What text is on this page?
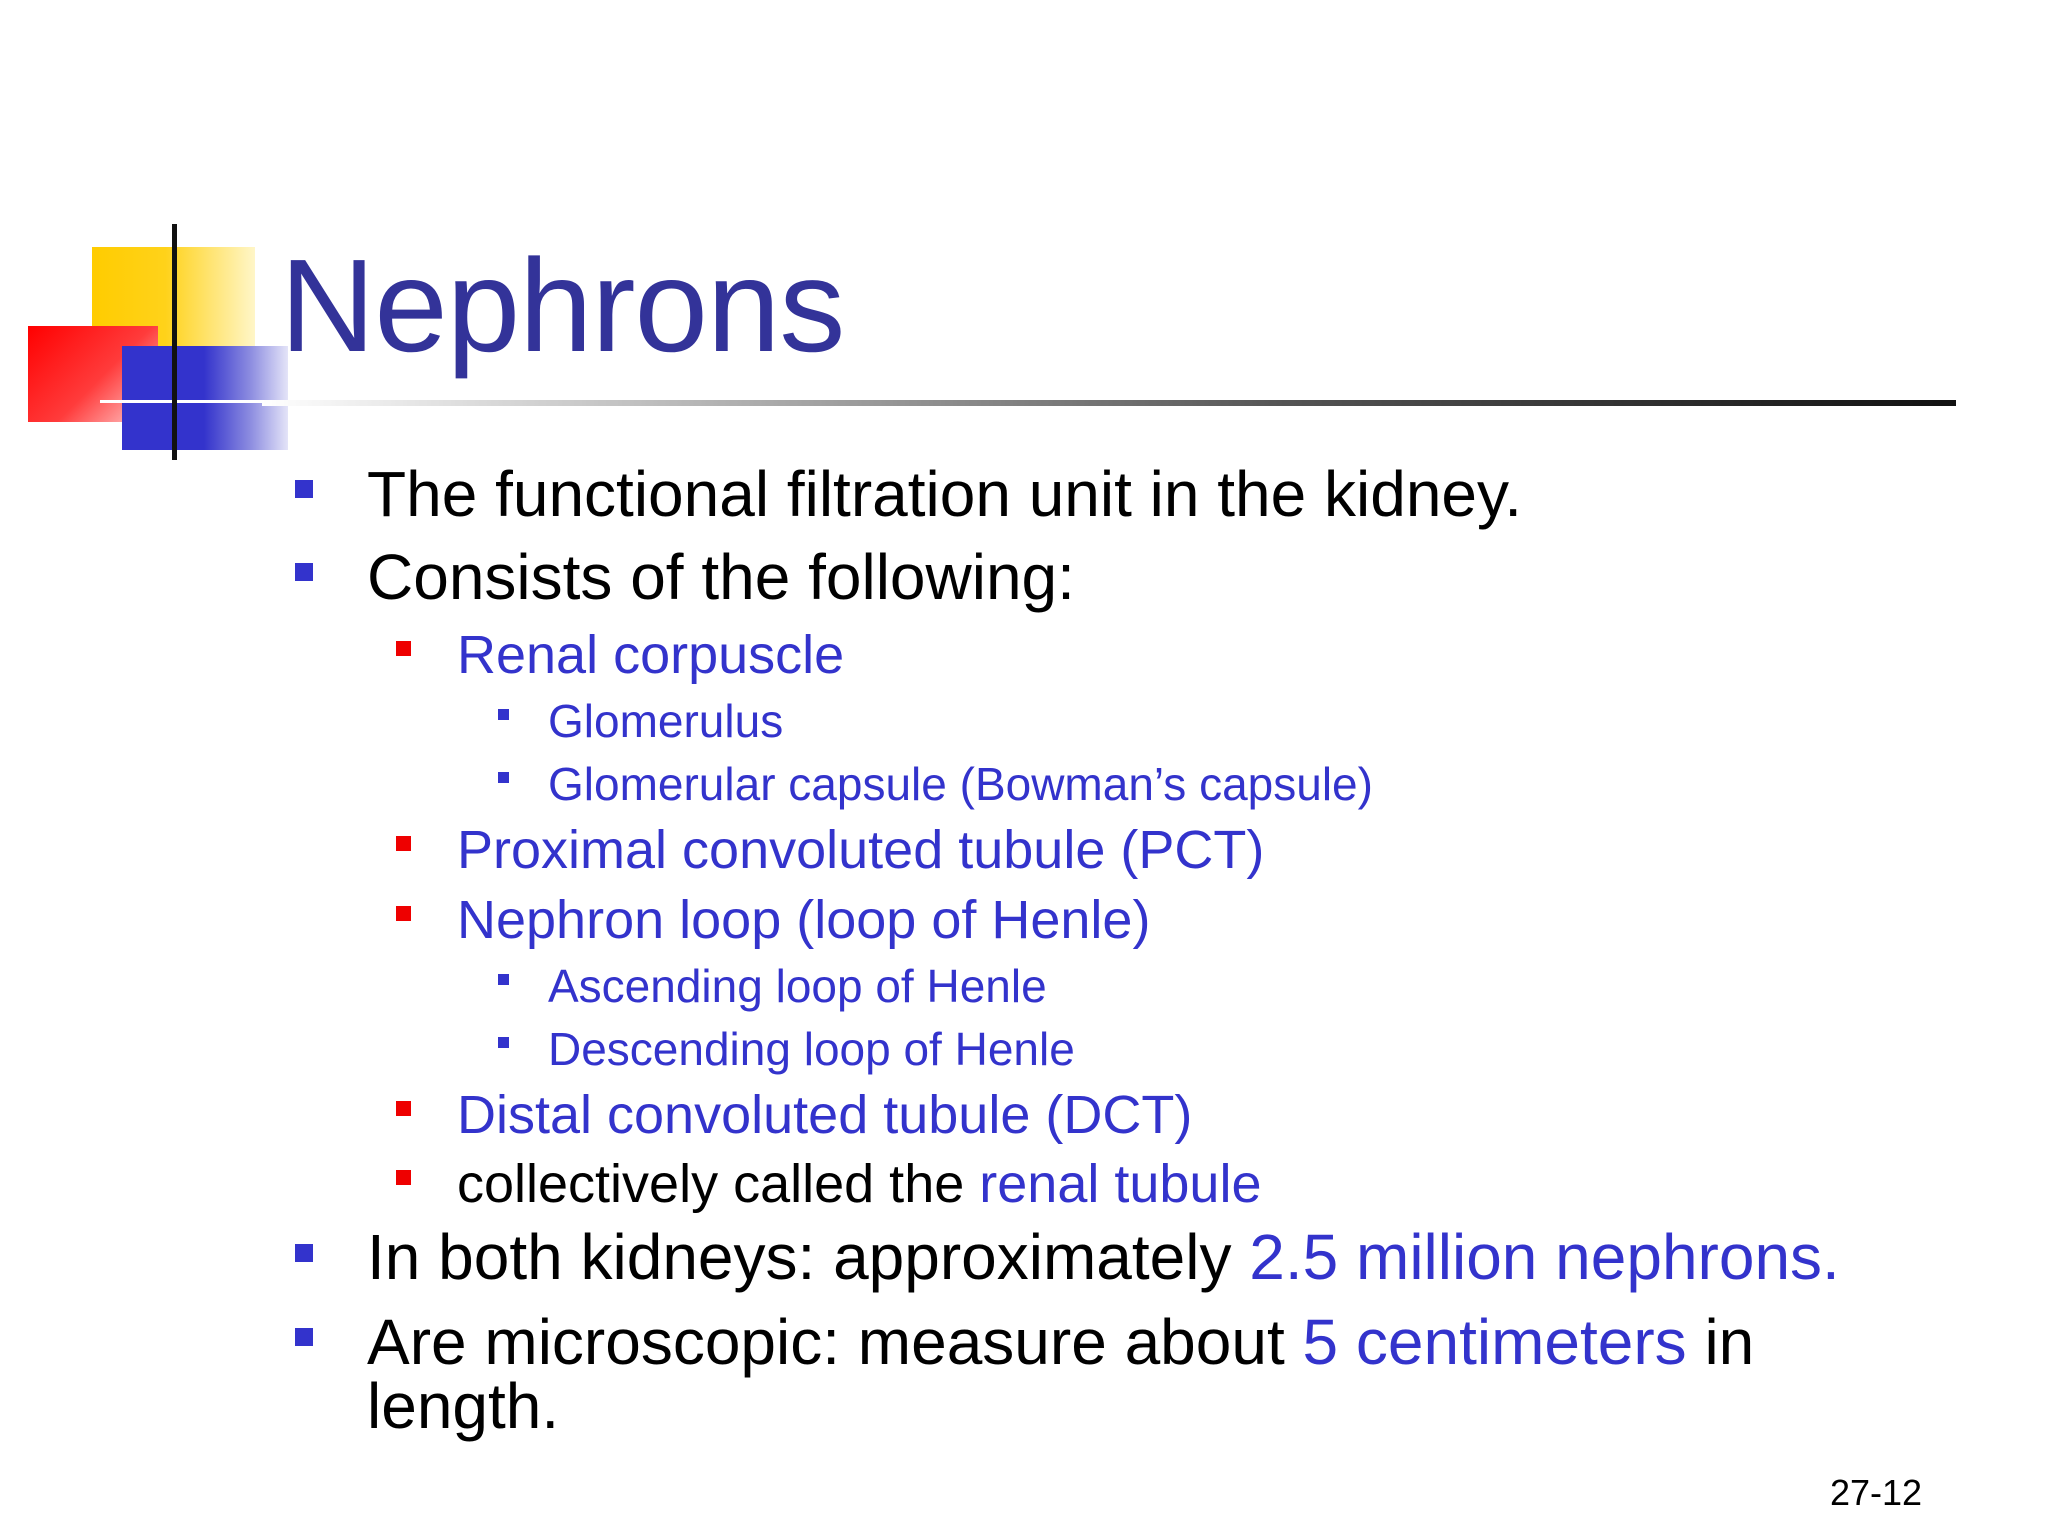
Nephrons
The functional filtration unit in the kidney.
Consists of the following:
Renal corpuscle
Glomerulus
Glomerular capsule (Bowman’s capsule)
Proximal convoluted tubule (PCT)
Nephron loop (loop of Henle)
Ascending loop of Henle
Descending loop of Henle
Distal convoluted tubule (DCT)
collectively called the renal tubule
In both kidneys: approximately 2.5 million nephrons.
Are microscopic: measure about 5 centimeters in
length.
27-12
